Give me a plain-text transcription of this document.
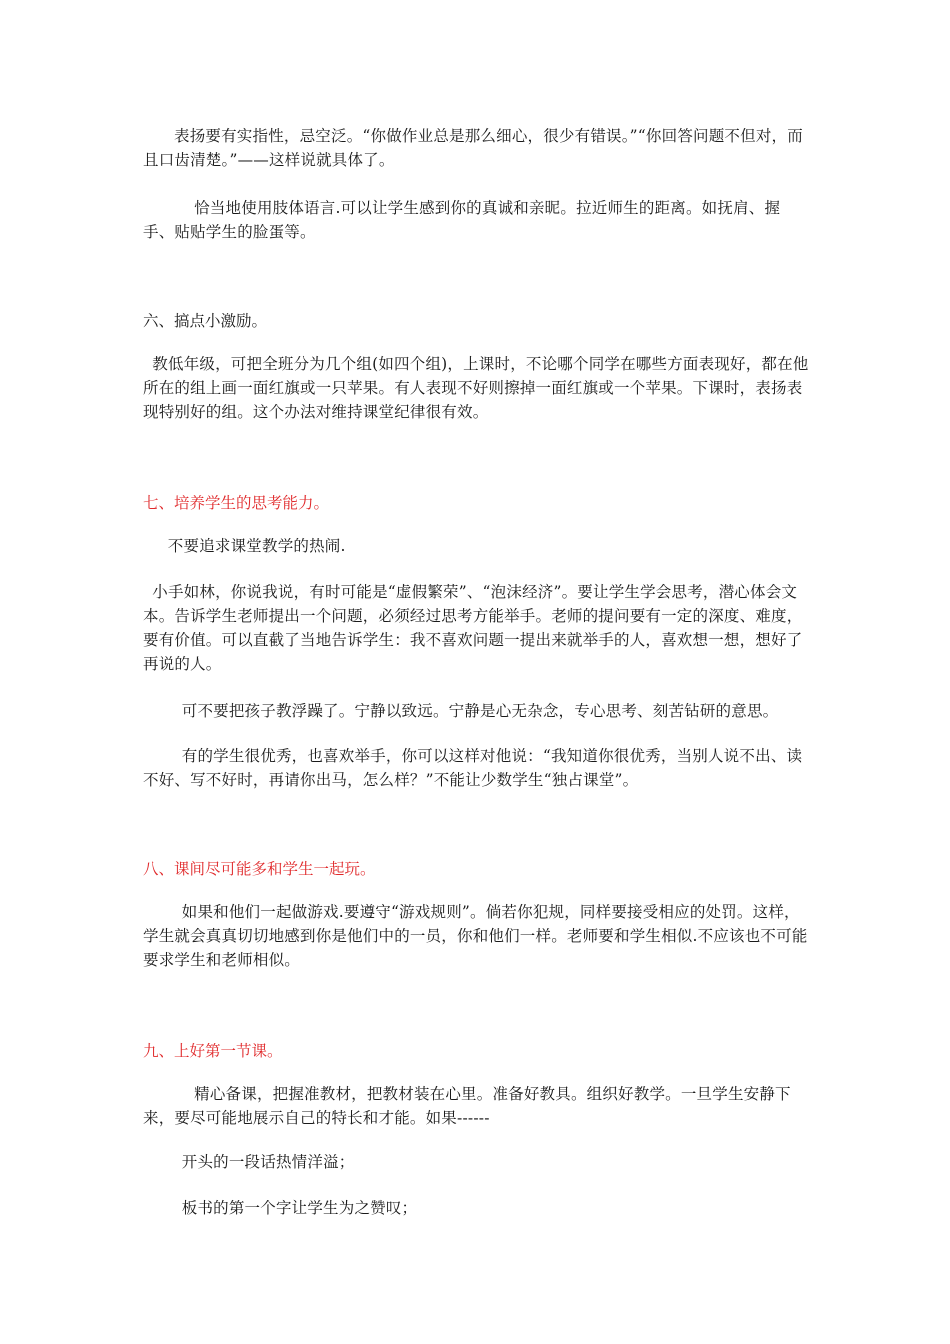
表扬要有实指性，忌空泛。“你做作业总是那么细心，很少有错误。”“你回答问题不但对，而且口齿清楚。”——这样说就具体了。

恰当地使用肢体语言.可以让学生感到你的真诚和亲昵。拉近师生的距离。如抚肩、握手、贴贴学生的脸蛋等。

六、搞点小激励。

教低年级，可把全班分为几个组(如四个组)，上课时，不论哪个同学在哪些方面表现好，都在他所在的组上画一面红旗或一只苹果。有人表现不好则擦掉一面红旗或一个苹果。下课时，表扬表现特别好的组。这个办法对维持课堂纪律很有效。

七、培养学生的思考能力。

不要追求课堂教学的热闹.

小手如林，你说我说，有时可能是“虚假繁荣”、“泡沫经济”。要让学生学会思考，潜心体会文本。告诉学生老师提出一个问题，必须经过思考方能举手。老师的提问要有一定的深度、难度，要有价值。可以直截了当地告诉学生：我不喜欢问题一提出来就举手的人，喜欢想一想，想好了再说的人。

可不要把孩子教浮躁了。宁静以致远。宁静是心无杂念，专心思考、刻苦钻研的意思。

有的学生很优秀，也喜欢举手，你可以这样对他说：“我知道你很优秀，当别人说不出、读不好、写不好时，再请你出马，怎么样？”不能让少数学生“独占课堂”。

八、课间尽可能多和学生一起玩。

如果和他们一起做游戏.要遵守“游戏规则”。倘若你犯规，同样要接受相应的处罚。这样，学生就会真真切切地感到你是他们中的一员，你和他们一样。老师要和学生相似.不应该也不可能要求学生和老师相似。

九、上好第一节课。

精心备课，把握准教材，把教材装在心里。准备好教具。组织好教学。一旦学生安静下来，要尽可能地展示自己的特长和才能。如果------

开头的一段话热情洋溢；

板书的第一个字让学生为之赞叹；
